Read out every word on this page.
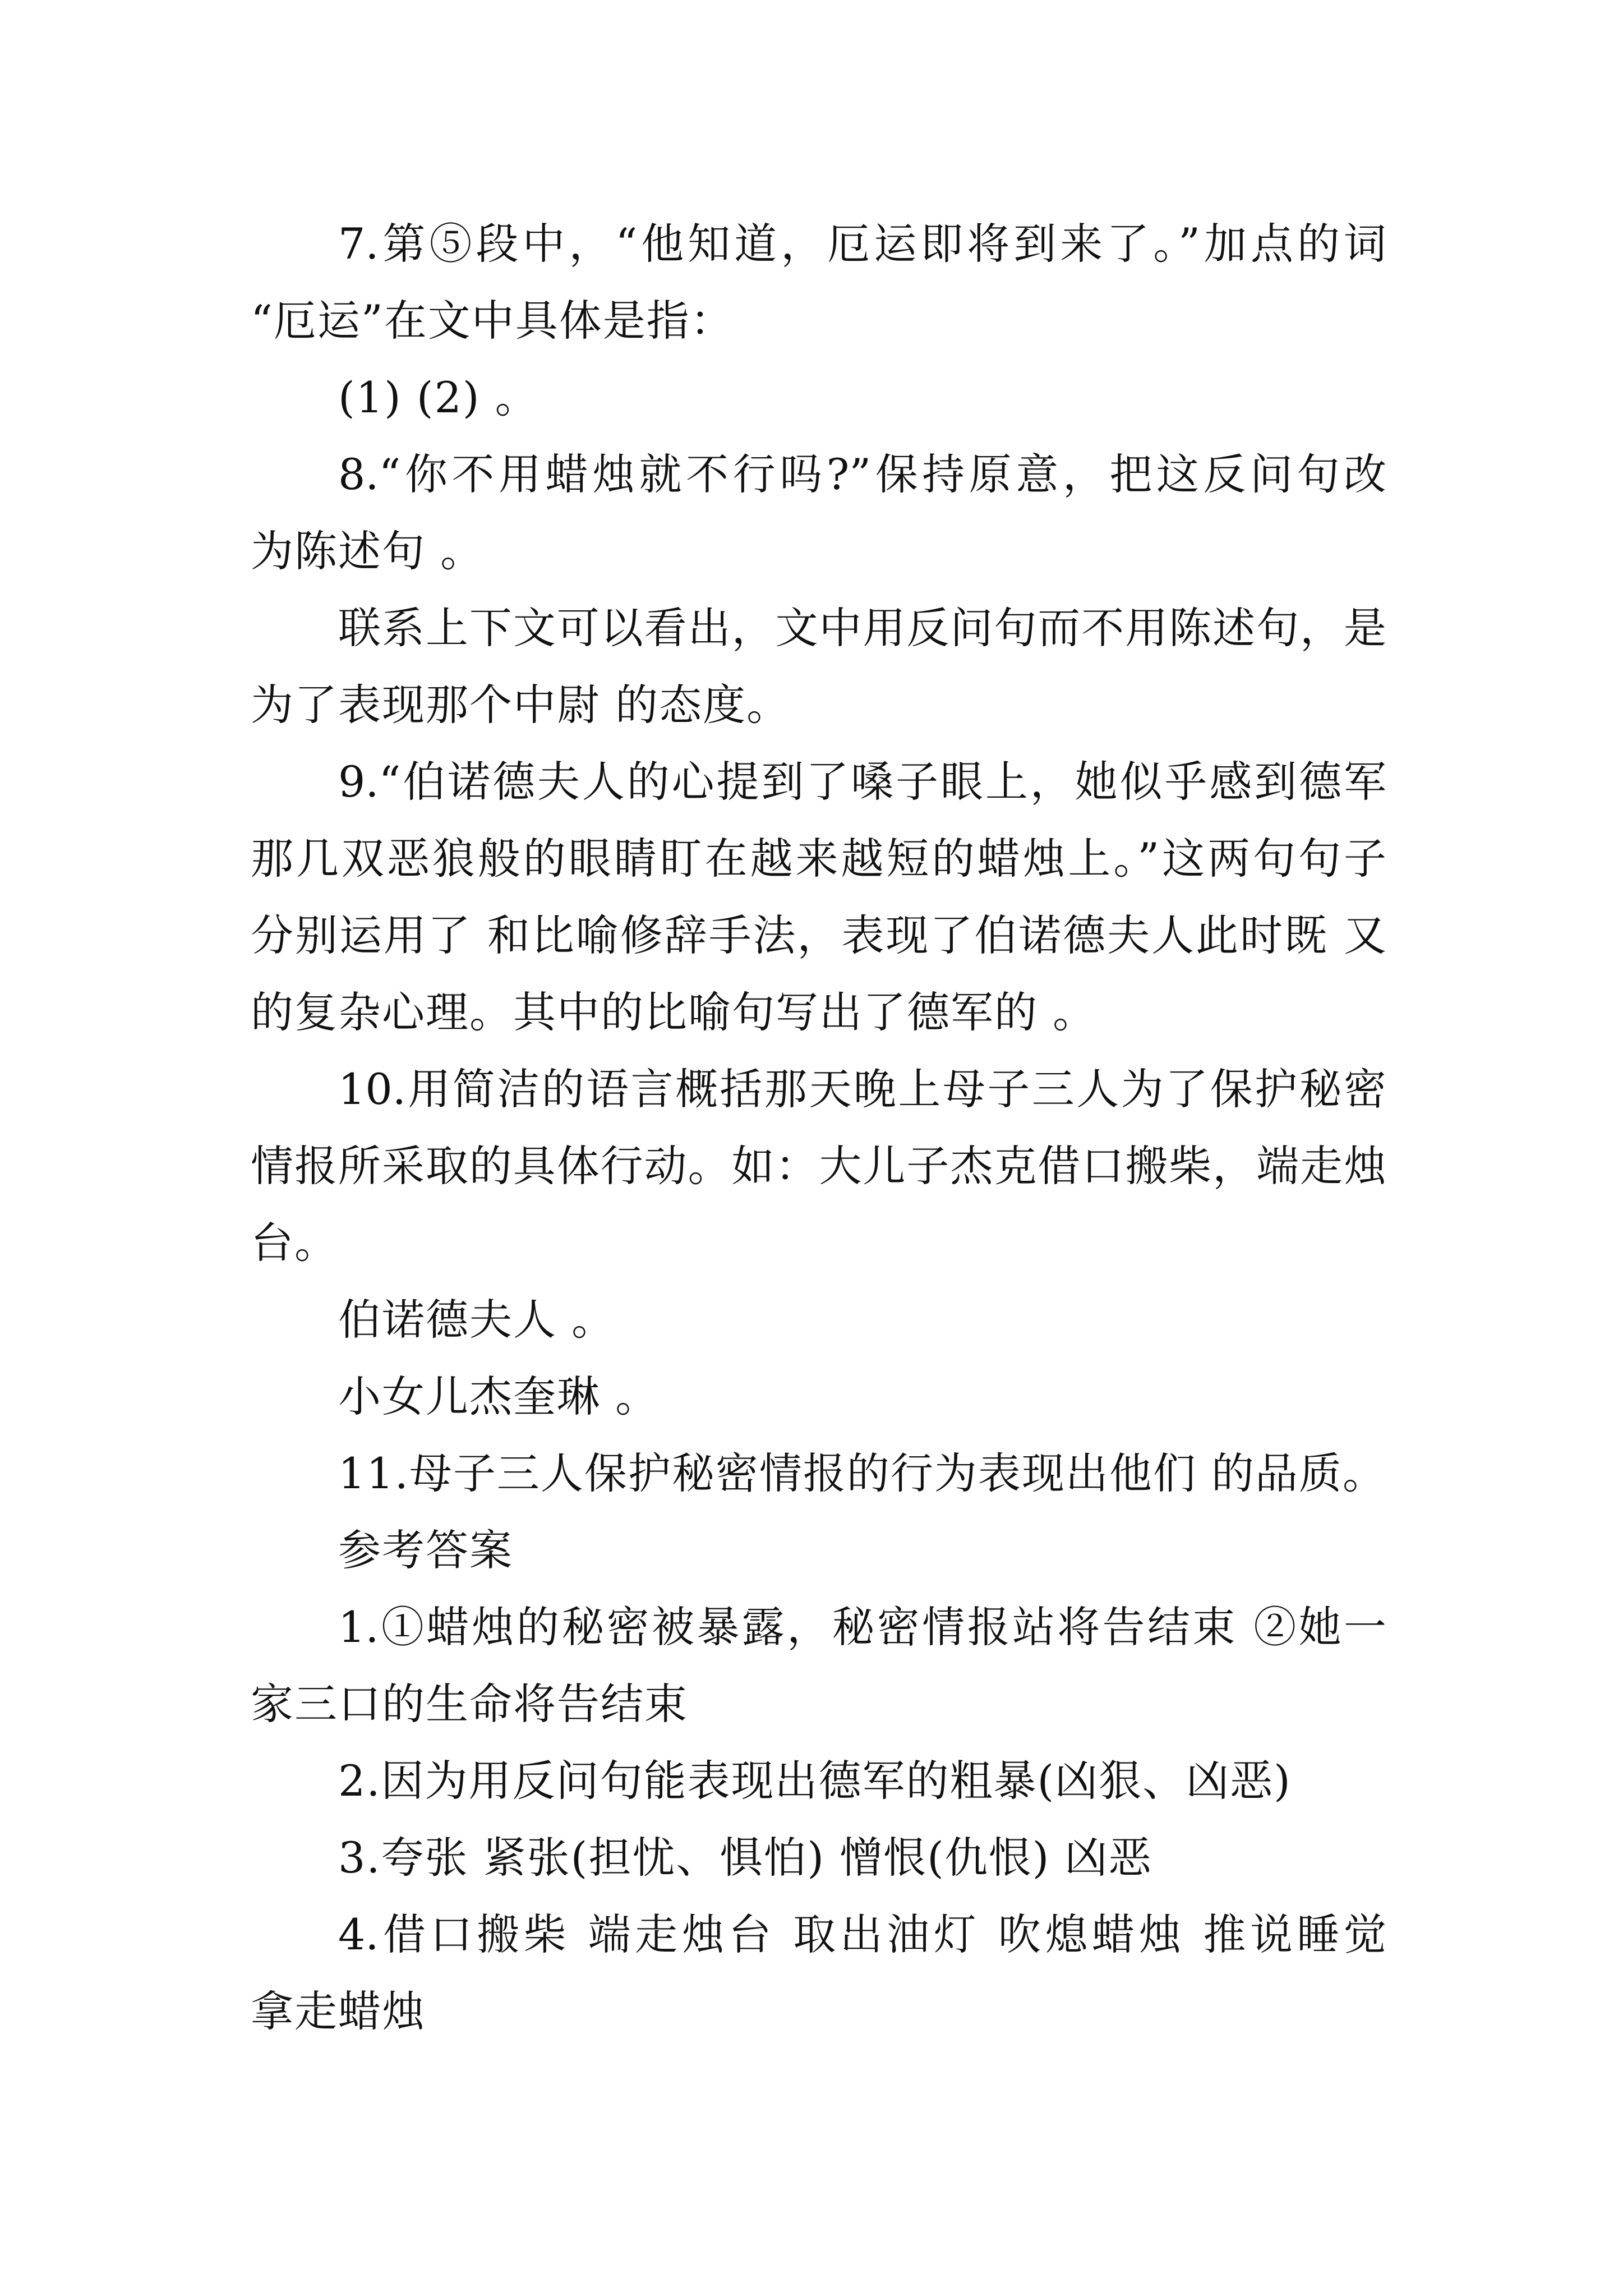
7.第⑤段中，“他知道，厄运即将到来了。”加点的词
“厄运”在文中具体是指：
(1) (2) 。
8.“你不用蜡烛就不行吗?”保持原意，把这反问句改
为陈述句 。
联系上下文可以看出，文中用反问句而不用陈述句，是
为了表现那个中尉 的态度。
9.“伯诺德夫人的心提到了嗓子眼上，她似乎感到德军
那几双恶狼般的眼睛盯在越来越短的蜡烛上。”这两句句子
分别运用了 和比喻修辞手法，表现了伯诺德夫人此时既 又
的复杂心理。其中的比喻句写出了德军的 。
10.用简洁的语言概括那天晚上母子三人为了保护秘密
情报所采取的具体行动。如：大儿子杰克借口搬柴，端走烛
台。
伯诺德夫人 。
小女儿杰奎琳 。
11.母子三人保护秘密情报的行为表现出他们 的品质。
参考答案
1.①蜡烛的秘密被暴露，秘密情报站将告结束 ②她一
家三口的生命将告结束
2.因为用反问句能表现出德军的粗暴(凶狠、凶恶)
3.夸张 紧张(担忧、惧怕) 憎恨(仇恨) 凶恶
4.借口搬柴 端走烛台 取出油灯 吹熄蜡烛 推说睡觉
拿走蜡烛
